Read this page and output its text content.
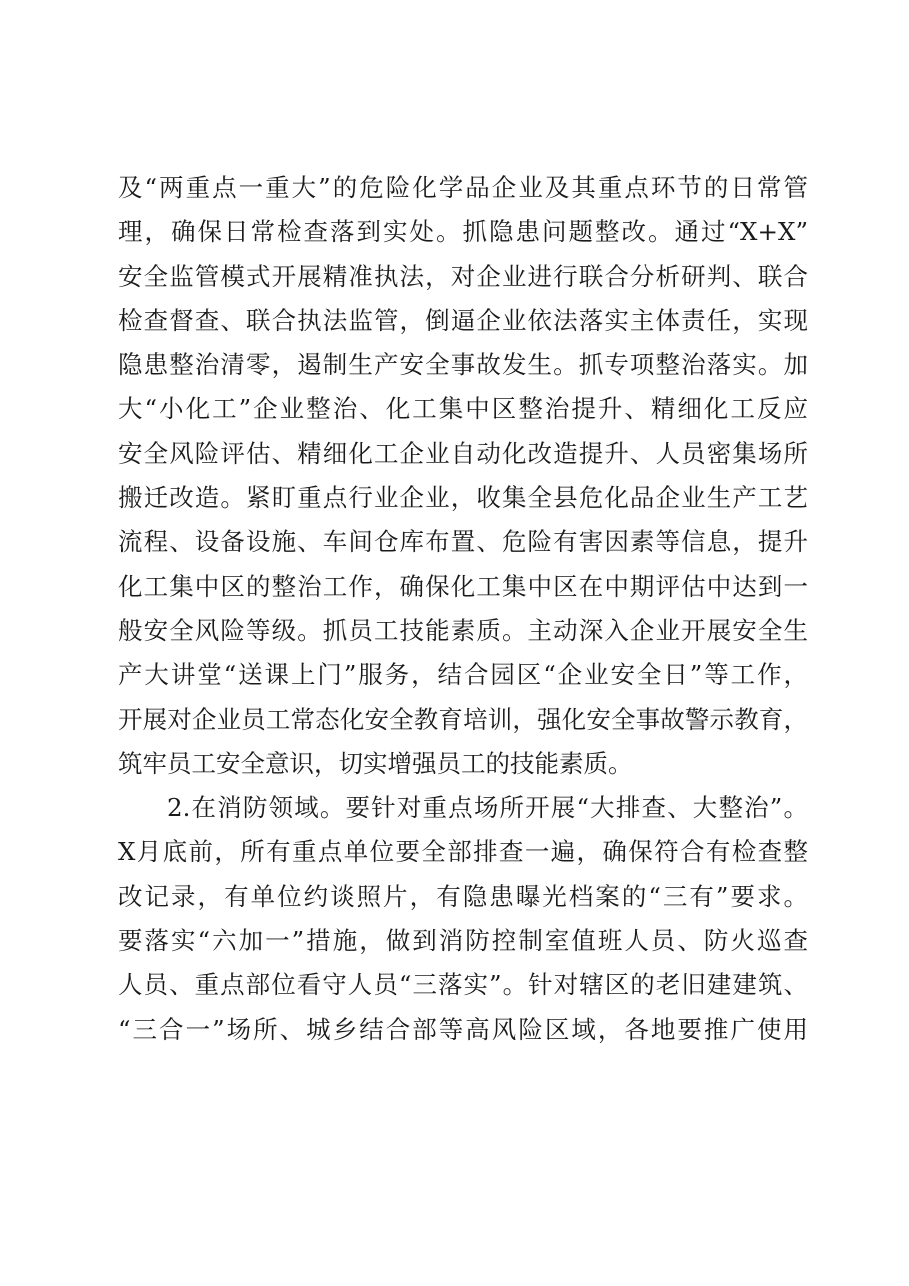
及“两重点一重大”的危险化学品企业及其重点环节的日常管
理，确保日常检查落到实处。抓隐患问题整改。通过“X+X”
安全监管模式开展精准执法，对企业进行联合分析研判、联合
检查督查、联合执法监管，倒逼企业依法落实主体责任，实现
隐患整治清零，遏制生产安全事故发生。抓专项整治落实。加
大“小化工”企业整治、化工集中区整治提升、精细化工反应
安全风险评估、精细化工企业自动化改造提升、人员密集场所
搬迁改造。紧盯重点行业企业，收集全县危化品企业生产工艺
流程、设备设施、车间仓库布置、危险有害因素等信息，提升
化工集中区的整治工作，确保化工集中区在中期评估中达到一
般安全风险等级。抓员工技能素质。主动深入企业开展安全生
产大讲堂“送课上门”服务，结合园区“企业安全日”等工作，
开展对企业员工常态化安全教育培训，强化安全事故警示教育，
筑牢员工安全意识，切实增强员工的技能素质。
2.在消防领域。要针对重点场所开展“大排查、大整治”。
X月底前，所有重点单位要全部排查一遍，确保符合有检查整
改记录，有单位约谈照片，有隐患曝光档案的“三有”要求。
要落实“六加一”措施，做到消防控制室值班人员、防火巡查
人员、重点部位看守人员“三落实”。针对辖区的老旧建建筑、
“三合一”场所、城乡结合部等高风险区域，各地要推广使用
